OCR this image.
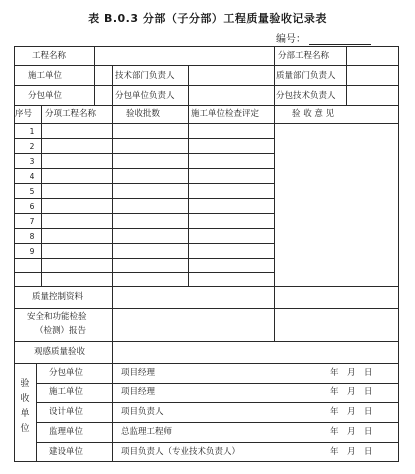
表 B.0.3 分部（子分部）工程质量验收记录表
编号：
工程名称	分部工程名称
施工单位	技术部门负责人	质量部门负责人
分包单位	分包单位负责人	分包技术负责人
序号 分项工程名称	验收批数	施工单位检查评定	验 收 意 见
1
2
3
4
5
6
7
8
9
质量控制资料
安全和功能检验
（检测）报告
观感质量验收
验
收
单
位
分包单位	项目经理	年　月　日
施工单位	项目经理	年　月　日
设计单位	项目负责人	年　月　日
监理单位	总监理工程师	年　月　日
建设单位	项目负责人（专业技术负责人）	年　月　日
